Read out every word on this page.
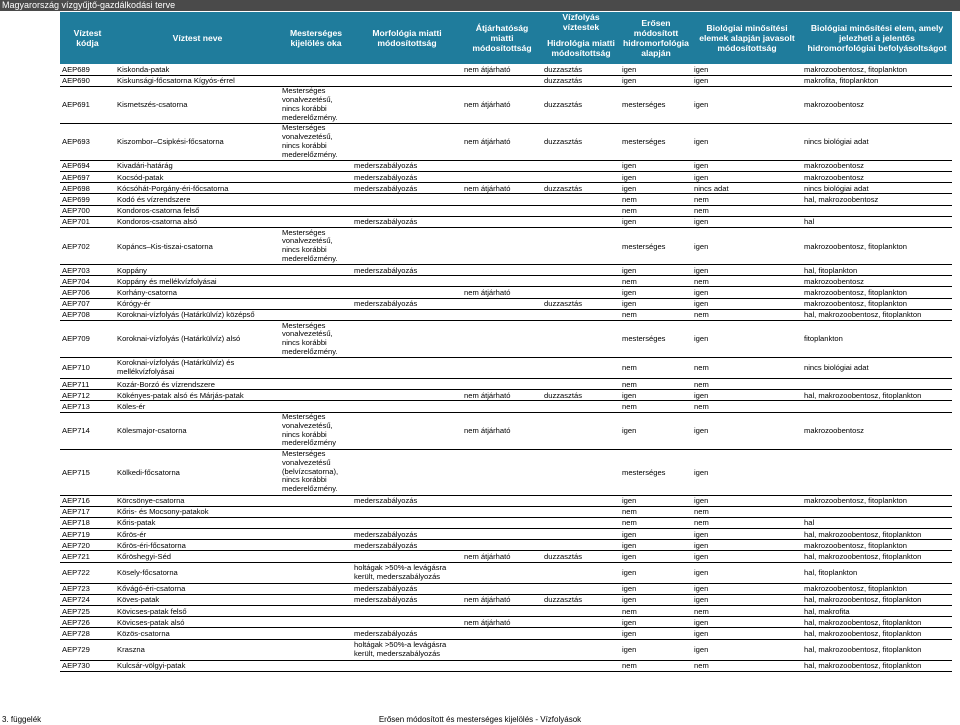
Magyarország vízgyűjtő-gazdálkodási terve
Víztest kódja	Víztest neve	Mesterséges kijelölés oka	Morfológia miatti módosítottság	Átjárhatóság miatti módosítottság	Vízfolyás víztestek	Erősen módosított hidromorfológia alapján	Biológiai minősítési elemek alapján javasolt módosítottság	Biológiai minősítési elem, amely jelezheti a jelentős hidromorfológiai befolyásoltságot
					Hidrológia miatti módosítottság			
AEP689	Kiskonda-patak			nem átjárható	duzzasztás	igen	igen	makrozoobentosz, fitoplankton
AEP690	Kiskunsági-főcsatorna Kígyós-érrel				duzzasztás	igen	igen	makrofita, fitoplankton
AEP691	Kismetszés-csatorna	Mesterséges vonalvezetésű, nincs korábbi mederelőzmény.		nem átjárható	duzzasztás	mesterséges	igen	makrozoobentosz
AEP693	Kiszombor–Csipkési-főcsatorna	Mesterséges vonalvezetésű, nincs korábbi mederelőzmény.		nem átjárható	duzzasztás	mesterséges	igen	nincs biológiai adat
AEP694	Kivadári-határág		mederszabályozás			igen	igen	makrozoobentosz
AEP697	Kocsód-patak		mederszabályozás			igen	igen	makrozoobentosz
AEP698	Kócsóhát-Porgány-éri-főcsatorna		mederszabályozás	nem átjárható	duzzasztás	igen	nincs adat	nincs biológiai adat
AEP699	Kodó és vízrendszere					nem	nem	hal, makrozoobentosz
AEP700	Kondoros-csatorna felső					nem	nem	
AEP701	Kondoros-csatorna alsó		mederszabályozás			igen	igen	hal
AEP702	Kopáncs–Kis-tiszai-csatorna	Mesterséges vonalvezetésű, nincs korábbi mederelőzmény.				mesterséges	igen	makrozoobentosz, fitoplankton
AEP703	Koppány		mederszabályozás			igen	igen	hal, fitoplankton
AEP704	Koppány és mellékvízfolyásai					nem	nem	makrozoobentosz
AEP706	Korhány-csatorna			nem átjárható		igen	igen	makrozoobentosz, fitoplankton
AEP707	Kórógy-ér		mederszabályozás		duzzasztás	igen	igen	makrozoobentosz, fitoplankton
AEP708	Koroknai-vízfolyás (Határkülvíz) középső					nem	nem	hal, makrozoobentosz, fitoplankton
AEP709	Koroknai-vízfolyás (Határkülvíz) alsó	Mesterséges vonalvezetésű, nincs korábbi mederelőzmény.				mesterséges	igen	fitoplankton
AEP710	Koroknai-vízfolyás (Határkülvíz) és mellékvízfolyásai					nem	nem	nincs biológiai adat
AEP711	Kozár-Borzó és vízrendszere					nem	nem	
AEP712	Kökényes-patak alsó és Márjás-patak			nem átjárható	duzzasztás	igen	igen	hal, makrozoobentosz, fitoplankton
AEP713	Köles-ér					nem	nem	
AEP714	Kölesmajor-csatorna	Mesterséges vonalvezetésű, nincs korábbi mederelőzmény		nem átjárható		igen	igen	makrozoobentosz
AEP715	Kölkedi-főcsatorna	Mesterséges vonalvezetésű (belvízcsatorna), nincs korábbi mederelőzmény.				mesterséges	igen	
AEP716	Körcsönye-csatorna		mederszabályozás			igen	igen	makrozoobentosz, fitoplankton
AEP717	Kőris- és Mocsony-patakok					nem	nem	
AEP718	Kőris-patak					nem	nem	hal
AEP719	Kőrös-ér		mederszabályozás			igen	igen	hal, makrozoobentosz, fitoplankton
AEP720	Kőrös-éri-főcsatorna		mederszabályozás			igen	igen	makrozoobentosz, fitoplankton
AEP721	Kőröshegyi-Séd			nem átjárható	duzzasztás	igen	igen	hal, makrozoobentosz, fitoplankton
AEP722	Kösely-főcsatorna		holtágak >50%-a levágásra került, mederszabályozás			igen	igen	hal, fitoplankton
AEP723	Kővágó-éri-csatorna		mederszabályozás			igen	igen	makrozoobentosz, fitoplankton
AEP724	Köves-patak		mederszabályozás	nem átjárható	duzzasztás	igen	igen	hal, makrozoobentosz, fitoplankton
AEP725	Kövicses-patak felső					nem	nem	hal, makrofita
AEP726	Kövicses-patak alsó			nem átjárható		igen	igen	hal, makrozoobentosz, fitoplankton
AEP728	Közös-csatorna		mederszabályozás			igen	igen	hal, makrozoobentosz, fitoplankton
AEP729	Kraszna		holtágak >50%-a levágásra került, mederszabályozás			igen	igen	hal, makrozoobentosz, fitoplankton
AEP730	Kulcsár-völgyi-patak					nem	nem	hal, makrozoobentosz, fitoplankton
Erősen módosított és mesterséges kijelölés - Vízfolyások
3. függelék
